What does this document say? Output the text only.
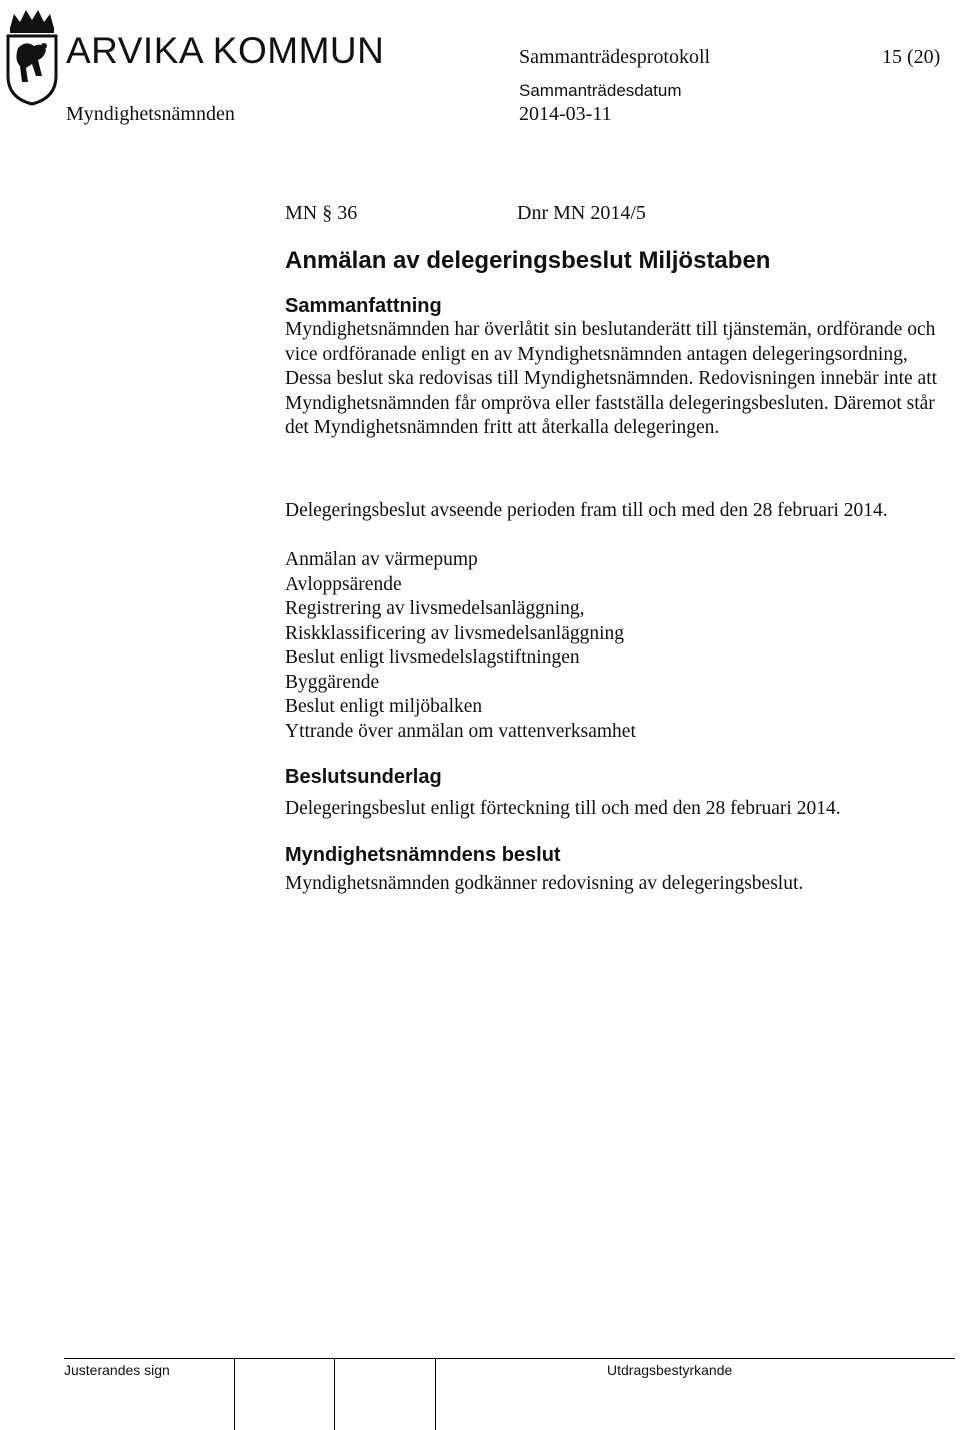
ARVIKA KOMMUN	Sammanträdesprotokoll	15 (20)
Myndighetsnämnden
Sammanträdesdatum
2014-03-11
MN § 36	Dnr MN 2014/5
Anmälan av delegeringsbeslut Miljöstaben
Sammanfattning
Myndighetsnämnden har överlåtit sin beslutanderätt till tjänstemän, ordförande och vice ordföranade enligt en av Myndighetsnämnden antagen delegeringsordning, Dessa beslut ska redovisas till Myndighetsnämnden. Redovisningen innebär inte att Myndighetsnämnden får ompröva eller fastställa delegeringsbesluten. Däremot står det Myndighetsnämnden fritt att återkalla delegeringen.
Delegeringsbeslut avseende perioden fram till och med den 28 februari 2014.
Anmälan av värmepump
Avloppsärende
Registrering av livsmedelsanläggning,
Riskklassificering av livsmedelsanläggning
Beslut enligt livsmedelslagstiftningen
Byggärende
Beslut enligt miljöbalken
Yttrande över anmälan om vattenverksamhet
Beslutsunderlag
Delegeringsbeslut enligt förteckning till och med den 28 februari 2014.
Myndighetsnämndens beslut
Myndighetsnämnden godkänner redovisning av delegeringsbeslut.
Justerandes sign	Utdragsbestyrkande
